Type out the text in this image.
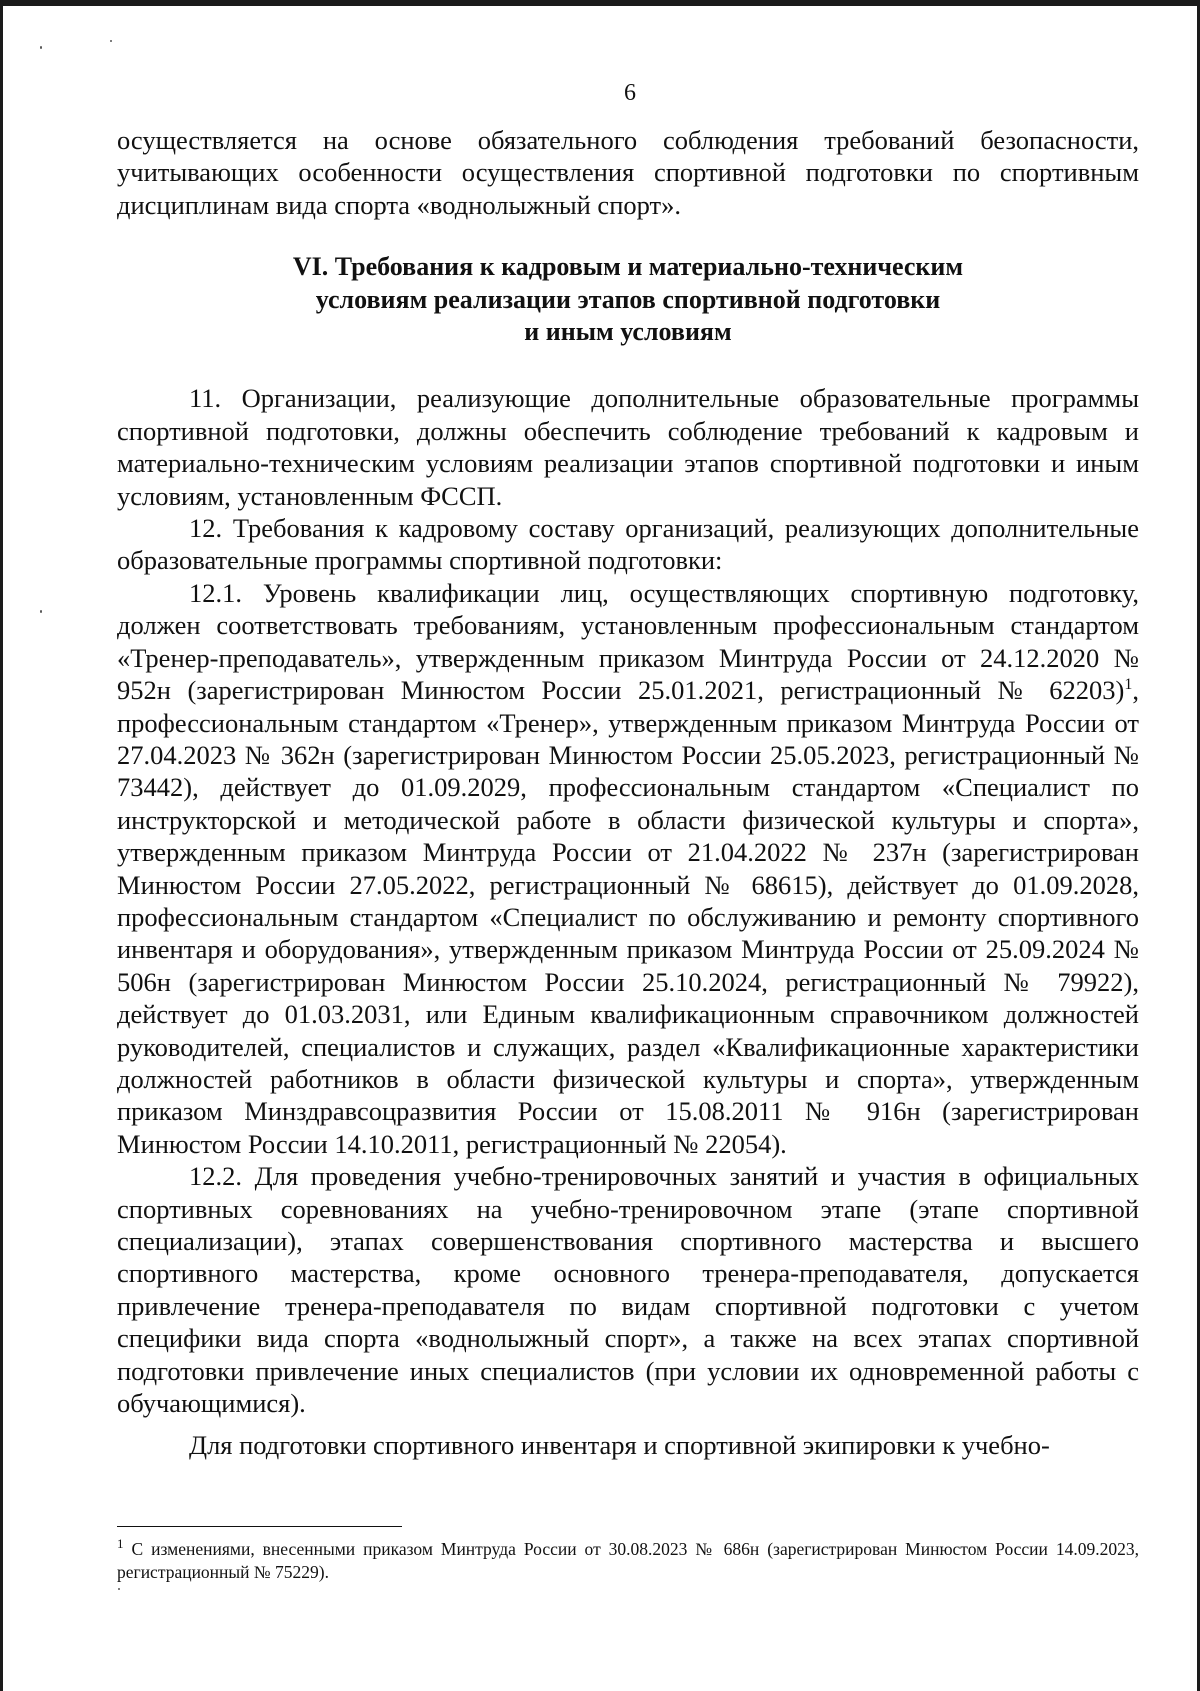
6

осуществляется на основе обязательного соблюдения требований безопасности, учитывающих особенности осуществления спортивной подготовки по спортивным дисциплинам вида спорта «воднолыжный спорт».

VI. Требования к кадровым и материально-техническим
условиям реализации этапов спортивной подготовки
и иным условиям

11. Организации, реализующие дополнительные образовательные программы спортивной подготовки, должны обеспечить соблюдение требований к кадровым и материально-техническим условиям реализации этапов спортивной подготовки и иным условиям, установленным ФССП.

12. Требования к кадровому составу организаций, реализующих дополнительные образовательные программы спортивной подготовки:

12.1. Уровень квалификации лиц, осуществляющих спортивную подготовку, должен соответствовать требованиям, установленным профессиональным стандартом «Тренер-преподаватель», утвержденным приказом Минтруда России от 24.12.2020 № 952н (зарегистрирован Минюстом России 25.01.2021, регистрационный № 62203)$^1$, профессиональным стандартом «Тренер», утвержденным приказом Минтруда России от 27.04.2023 № 362н (зарегистрирован Минюстом России 25.05.2023, регистрационный № 73442), действует до 01.09.2029, профессиональным стандартом «Специалист по инструкторской и методической работе в области физической культуры и спорта», утвержденным приказом Минтруда России от 21.04.2022 № 237н (зарегистрирован Минюстом России 27.05.2022, регистрационный № 68615), действует до 01.09.2028, профессиональным стандартом «Специалист по обслуживанию и ремонту спортивного инвентаря и оборудования», утвержденным приказом Минтруда России от 25.09.2024 № 506н (зарегистрирован Минюстом России 25.10.2024, регистрационный № 79922), действует до 01.03.2031, или Единым квалификационным справочником должностей руководителей, специалистов и служащих, раздел «Квалификационные характеристики должностей работников в области физической культуры и спорта», утвержденным приказом Минздравсоцразвития России от 15.08.2011 № 916н (зарегистрирован Минюстом России 14.10.2011, регистрационный № 22054).

12.2. Для проведения учебно-тренировочных занятий и участия в официальных спортивных соревнованиях на учебно-тренировочном этапе (этапе спортивной специализации), этапах совершенствования спортивного мастерства и высшего спортивного мастерства, кроме основного тренера-преподавателя, допускается привлечение тренера-преподавателя по видам спортивной подготовки с учетом специфики вида спорта «воднолыжный спорт», а также на всех этапах спортивной подготовки привлечение иных специалистов (при условии их одновременной работы с обучающимися).

Для подготовки спортивного инвентаря и спортивной экипировки к учебно-

$^1$ С изменениями, внесенными приказом Минтруда России от 30.08.2023 № 686н (зарегистрирован Минюстом России 14.09.2023, регистрационный № 75229).
